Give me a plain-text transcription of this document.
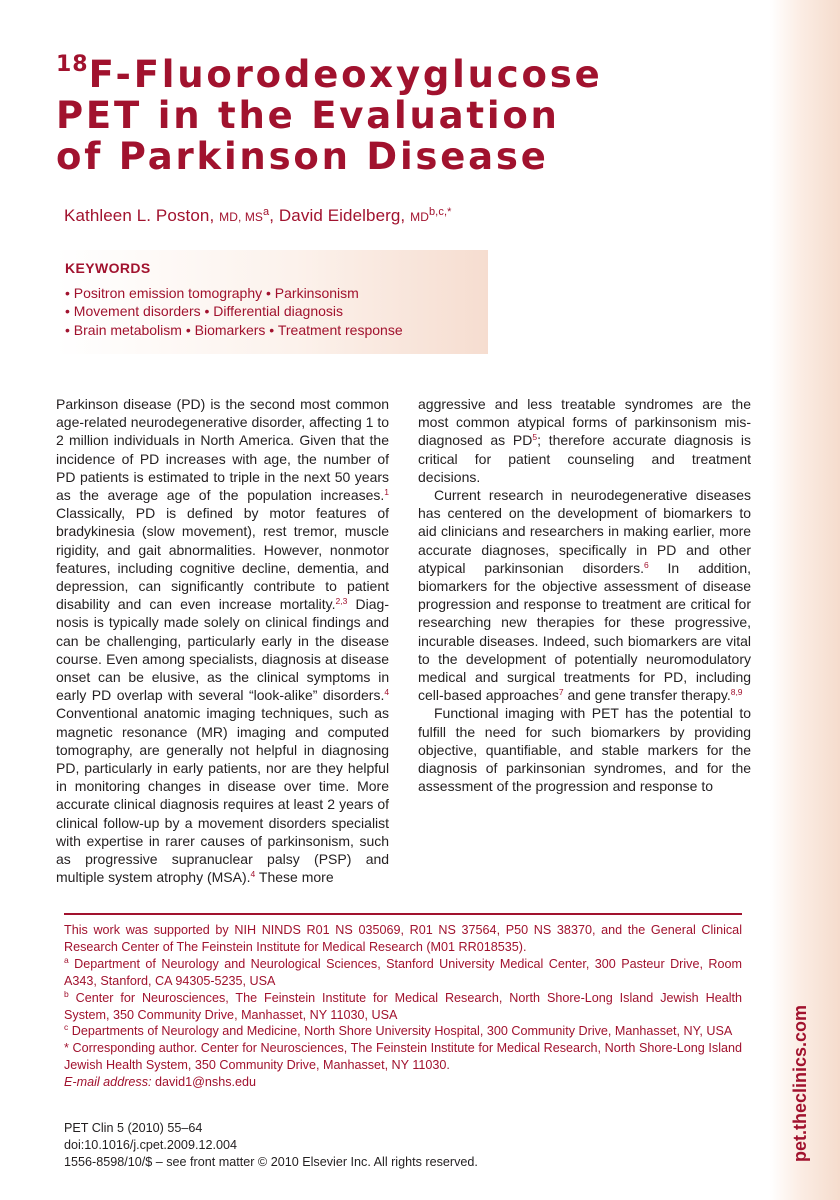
$^{18}$F-Fluorodeoxyglucose
PET in the Evaluation
of Parkinson Disease
Kathleen L. Poston, MD, $MS^a$, David Eidelberg, $MD^{b,c,*}$
KEYWORDS
• Positron emission tomography • Parkinsonism
• Movement disorders • Differential diagnosis
• Brain metabolism • Biomarkers • Treatment response

Parkinson disease (PD) is the second most common age-related neurodegenerative disorder, affecting 1 to 2 million individuals in North America. Given that the incidence of PD increases with age, the number of PD patients is estimated to triple in the next 50 years as the average age of the population increases.$^1$ Classically, PD is defined by motor features of bradykinesia (slow movement), rest tremor, muscle rigidity, and gait abnormalities. However, nonmotor features, including cognitive decline, dementia, and depression, can significantly contribute to patient disability and can even increase mortality.$^{2,3}$ Diagnosis is typically made solely on clinical findings and can be challenging, particularly early in the disease course. Even among specialists, diagnosis at disease onset can be elusive, as the clinical symptoms in early PD overlap with several “look-alike” disorders.$^4$ Conventional anatomic imaging techniques, such as magnetic resonance (MR) imaging and computed tomography, are generally not helpful in diagnosing PD, particularly in early patients, nor are they helpful in monitoring changes in disease over time. More accurate clinical diagnosis requires at least 2 years of clinical follow-up by a movement disorders specialist with expertise in rarer causes of parkinsonism, such as progressive supranuclear palsy (PSP) and multiple system atrophy (MSA).$^4$ These more

aggressive and less treatable syndromes are the most common atypical forms of parkinsonism misdiagnosed as PD$^5$; therefore accurate diagnosis is critical for patient counseling and treatment decisions.

Current research in neurodegenerative diseases has centered on the development of biomarkers to aid clinicians and researchers in making earlier, more accurate diagnoses, specifically in PD and other atypical parkinsonian disorders.$^6$ In addition, biomarkers for the objective assessment of disease progression and response to treatment are critical for researching new therapies for these progressive, incurable diseases. Indeed, such biomarkers are vital to the development of potentially neuromodulatory medical and surgical treatments for PD, including cell-based approaches$^7$ and gene transfer therapy.$^{8,9}$

Functional imaging with PET has the potential to fulfill the need for such biomarkers by providing objective, quantifiable, and stable markers for the diagnosis of parkinsonian syndromes, and for the assessment of the progression and response to

This work was supported by NIH NINDS R01 NS 035069, R01 NS 37564, P50 NS 38370, and the General Clinical Research Center of The Feinstein Institute for Medical Research (M01 RR018535).

$^a$ Department of Neurology and Neurological Sciences, Stanford University Medical Center, 300 Pasteur Drive, Room A343, Stanford, CA 94305-5235, USA

$^b$ Center for Neurosciences, The Feinstein Institute for Medical Research, North Shore-Long Island Jewish Health System, 350 Community Drive, Manhasset, NY 11030, USA

$^c$ Departments of Neurology and Medicine, North Shore University Hospital, 300 Community Drive, Manhasset, NY, USA

* Corresponding author. Center for Neurosciences, The Feinstein Institute for Medical Research, North Shore-Long Island Jewish Health System, 350 Community Drive, Manhasset, NY 11030.

E-mail address: david1@nshs.edu

PET Clin 5 (2010) 55–64

doi:10.1016/j.cpet.2009.12.004

1556-8598/10/$ – see front matter © 2010 Elsevier Inc. All rights reserved.	pet.theclinics.com
